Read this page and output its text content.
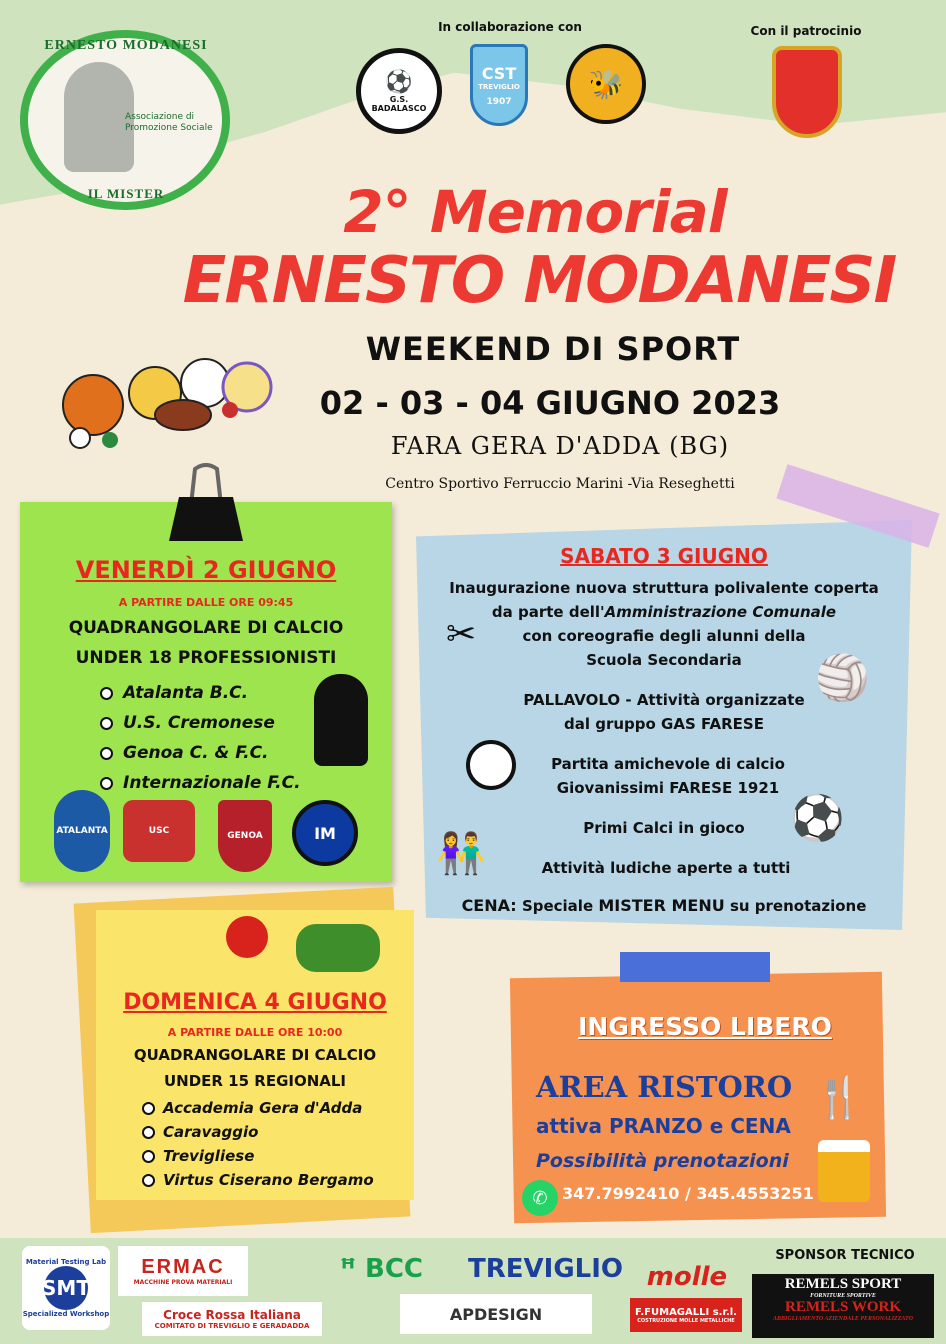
ERNESTO MODANESI
Associazione di Promozione Sociale
IL MISTER
In collaborazione con
⚽
G.S. BADALASCO
CST
TREVIGLIO
1907
🐝
Con il patrocinio
2° Memorial
ERNESTO MODANESI
WEEKEND DI SPORT
02 - 03 - 04 GIUGNO 2023
FARA GERA D'ADDA (BG)
Centro Sportivo Ferruccio Marini -Via Reseghetti
SABATO 3 GIUGNO
Inaugurazione nuova struttura polivalente coperta
da parte dell'Amministrazione Comunale
con coreografie degli alunni della
Scuola Secondaria
PALLAVOLO - Attività organizzate
dal gruppo GAS FARESE
Partita amichevole di calcio
Giovanissimi FARESE 1921
Primi Calci in gioco
Attività ludiche aperte a tutti
CENA: Speciale MISTER MENU su prenotazione
✂
🏐
⚽
👫
VENERDÌ 2 GIUGNO
A PARTIRE DALLE ORE 09:45
QUADRANGOLARE DI CALCIO
UNDER 18 PROFESSIONISTI
Atalanta B.C.
U.S. Cremonese
Genoa C. & F.C.
Internazionale F.C.
ATALANTA	USC	GENOA	IM
DOMENICA 4 GIUGNO
A PARTIRE DALLE ORE 10:00
QUADRANGOLARE DI CALCIO
UNDER 15 REGIONALI
Accademia Gera d'Adda
Caravaggio
Trevigliese
Virtus Ciserano Bergamo
INGRESSO LIBERO
AREA RISTORO
attiva PRANZO e CENA
Possibilità prenotazioni
🍴
✆ 347.7992410 / 345.4553251
Material Testing Lab
SMT
Specialized Workshop
ERMAC
MACCHINE PROVA MATERIALI
Croce Rossa Italiana
COMITATO DI TREVIGLIO E GERADADDA
ꟸ BCC TREVIGLIO
APDESIGN
molle
F.FUMAGALLI s.r.l.
COSTRUZIONE MOLLE METALLICHE
SPONSOR TECNICO
REMELS SPORT
FORNITURE SPORTIVE
REMELS WORK
ABBIGLIAMENTO AZIENDALE PERSONALIZZATO
